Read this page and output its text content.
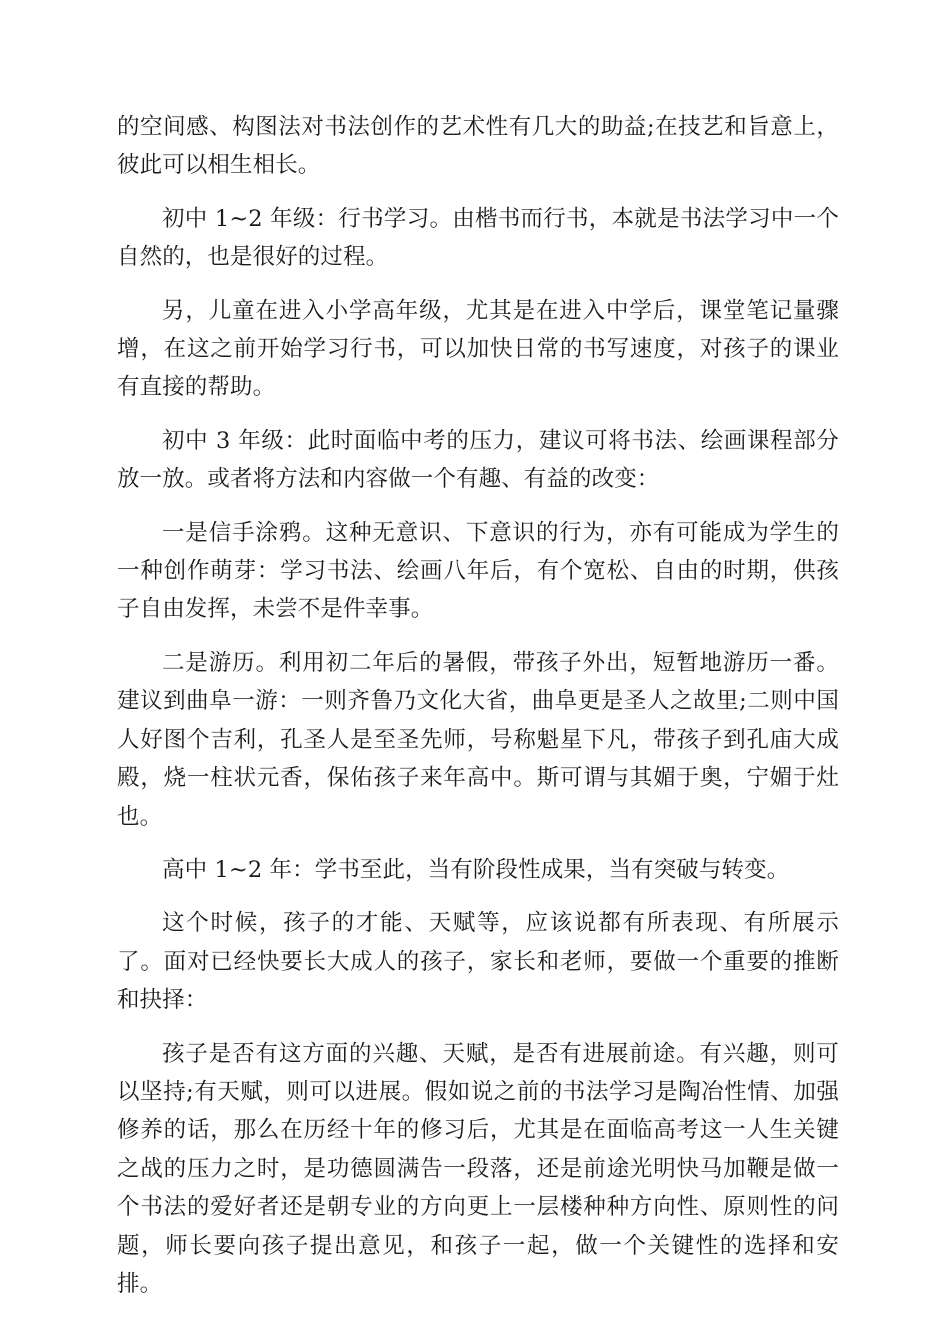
的空间感、构图法对书法创作的艺术性有几大的助益;在技艺和旨意上，彼此可以相生相长。

初中 1~2 年级：行书学习。由楷书而行书，本就是书法学习中一个自然的，也是很好的过程。

另，儿童在进入小学高年级，尤其是在进入中学后，课堂笔记量骤增，在这之前开始学习行书，可以加快日常的书写速度，对孩子的课业有直接的帮助。

初中 3 年级：此时面临中考的压力，建议可将书法、绘画课程部分放一放。或者将方法和内容做一个有趣、有益的改变：

一是信手涂鸦。这种无意识、下意识的行为，亦有可能成为学生的一种创作萌芽：学习书法、绘画八年后，有个宽松、自由的时期，供孩子自由发挥，未尝不是件幸事。

二是游历。利用初二年后的暑假，带孩子外出，短暂地游历一番。建议到曲阜一游：一则齐鲁乃文化大省，曲阜更是圣人之故里;二则中国人好图个吉利，孔圣人是至圣先师，号称魁星下凡，带孩子到孔庙大成殿，烧一柱状元香，保佑孩子来年高中。斯可谓与其媚于奥，宁媚于灶也。

高中 1~2 年：学书至此，当有阶段性成果，当有突破与转变。

这个时候，孩子的才能、天赋等，应该说都有所表现、有所展示了。面对已经快要长大成人的孩子，家长和老师，要做一个重要的推断和抉择：

孩子是否有这方面的兴趣、天赋，是否有进展前途。有兴趣，则可以坚持;有天赋，则可以进展。假如说之前的书法学习是陶冶性情、加强修养的话，那么在历经十年的修习后，尤其是在面临高考这一人生关键之战的压力之时，是功德圆满告一段落，还是前途光明快马加鞭是做一个书法的爱好者还是朝专业的方向更上一层楼种种方向性、原则性的问题，师长要向孩子提出意见，和孩子一起，做一个关键性的选择和安排。
